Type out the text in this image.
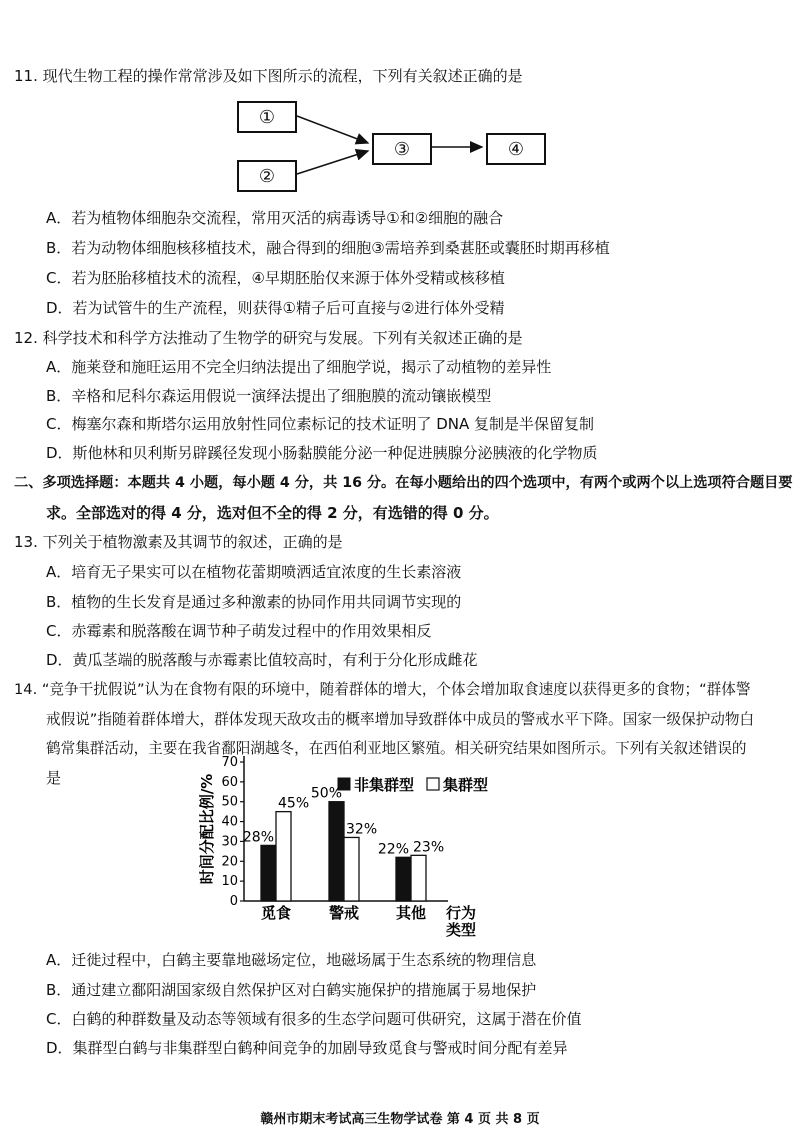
11. 现代生物工程的操作常常涉及如下图所示的流程，下列有关叙述正确的是
①
②
③	④
A．若为植物体细胞杂交流程，常用灭活的病毒诱导①和②细胞的融合
B．若为动物体细胞核移植技术，融合得到的细胞③需培养到桑葚胚或囊胚时期再移植
C．若为胚胎移植技术的流程，④早期胚胎仅来源于体外受精或核移植
D．若为试管牛的生产流程，则获得①精子后可直接与②进行体外受精
12. 科学技术和科学方法推动了生物学的研究与发展。下列有关叙述正确的是
A．施莱登和施旺运用不完全归纳法提出了细胞学说，揭示了动植物的差异性
B．辛格和尼科尔森运用假说一演绎法提出了细胞膜的流动镶嵌模型
C．梅塞尔森和斯塔尔运用放射性同位素标记的技术证明了 DNA 复制是半保留复制
D．斯他林和贝利斯另辟蹊径发现小肠黏膜能分泌一种促进胰腺分泌胰液的化学物质
二、多项选择题：本题共 4 小题，每小题 4 分，共 16 分。在每小题给出的四个选项中，有两个或两个以上选项符合题目要
求。全部选对的得 4 分，选对但不全的得 2 分，有选错的得 0 分。
13. 下列关于植物激素及其调节的叙述，正确的是
A．培育无子果实可以在植物花蕾期喷洒适宜浓度的生长素溶液
B．植物的生长发育是通过多种激素的协同作用共同调节实现的
C．赤霉素和脱落酸在调节种子萌发过程中的作用效果相反
D．黄瓜茎端的脱落酸与赤霉素比值较高时，有利于分化形成雌花
14. “竞争干扰假说”认为在食物有限的环境中，随着群体的增大，个体会增加取食速度以获得更多的食物；“群体警
戒假说”指随着群体增大，群体发现天敌攻击的概率增加导致群体中成员的警戒水平下降。国家一级保护动物白
鹤常集群活动，主要在我省鄱阳湖越冬，在西伯利亚地区繁殖。相关研究结果如图所示。下列有关叙述错误的
是	时间分配比例/%
行为
类型
非集群型 集群型
0
10
20
30
40
50
60
70
28%
45%
觅食
50%
32%
警戒
22% 23%
其他
A．迁徙过程中，白鹤主要靠地磁场定位，地磁场属于生态系统的物理信息
B．通过建立鄱阳湖国家级自然保护区对白鹤实施保护的措施属于易地保护
C．白鹤的种群数量及动态等领域有很多的生态学问题可供研究，这属于潜在价值
D．集群型白鹤与非集群型白鹤种间竞争的加剧导致觅食与警戒时间分配有差异
赣州市期末考试高三生物学试卷 第 4 页 共 8 页
